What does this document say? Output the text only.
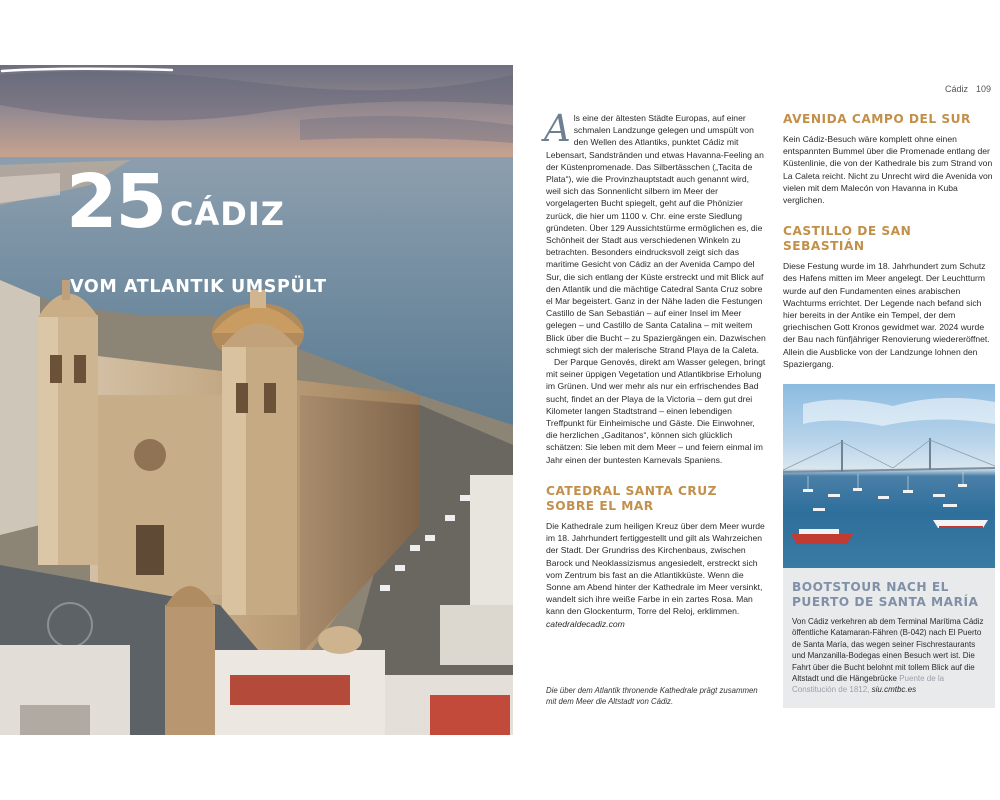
25 CÁDIZ
VOM ATLANTIK UMSPÜLT
Cádiz 109

Als eine der ältesten Städte Europas, auf einer schmalen Landzunge gelegen und umspült von den Wellen des Atlantiks, punktet Cádiz mit Lebensart, Sandstränden und etwas Havanna-Feeling an der Küstenpromenade. Das Silbertässchen („Tacita de Plata“), wie die Provinzhauptstadt auch genannt wird, weil sich das Sonnenlicht silbern im Meer der vorgelagerten Bucht spiegelt, geht auf die Phönizier zurück, die hier um 1100 v. Chr. eine erste Siedlung gründeten. Über 129 Aussichtstürme ermöglichen es, die Schönheit der Stadt aus verschiedenen Winkeln zu betrachten. Besonders eindrucksvoll zeigt sich das maritime Gesicht von Cádiz an der Avenida Campo del Sur, die sich entlang der Küste erstreckt und mit Blick auf den Atlantik und die mächtige Catedral Santa Cruz sobre el Mar begeistert. Ganz in der Nähe laden die Festungen Castillo de San Sebastián – auf einer Insel im Meer gelegen – und Castillo de Santa Catalina – mit weitem Blick über die Bucht – zu Spaziergängen ein. Dazwischen schmiegt sich der malerische Strand Playa de la Caleta.

Der Parque Genovés, direkt am Wasser gelegen, bringt mit seiner üppigen Vegetation und Atlantikbrise Erholung im Grünen. Und wer mehr als nur ein erfrischendes Bad sucht, findet an der Playa de la Victoria – dem gut drei Kilometer langen Stadtstrand – einen lebendigen Treffpunkt für Einheimische und Gäste. Die Einwohner, die herzlichen „Gaditanos“, können sich glücklich schätzen: Sie leben mit dem Meer – und feiern einmal im Jahr einen der buntesten Karnevals Spaniens.

CATEDRAL SANTA CRUZ SOBRE EL MAR

Die Kathedrale zum heiligen Kreuz über dem Meer wurde im 18. Jahrhundert fertiggestellt und gilt als Wahrzeichen der Stadt. Der Grundriss des Kirchenbaus, zwischen Barock und Neoklassizismus angesiedelt, erstreckt sich vom Zentrum bis fast an die Atlantikküste. Wenn die Sonne am Abend hinter der Kathedrale im Meer versinkt, wandelt sich ihre weiße Farbe in ein zartes Rosa. Man kann den Glockenturm, Torre del Reloj, erklimmen. catedraldecadiz.com

Die über dem Atlantik thronende Kathedrale prägt zusammen mit dem Meer die Altstadt von Cádiz.
AVENIDA CAMPO DEL SUR

Kein Cádiz-Besuch wäre komplett ohne einen entspannten Bummel über die Promenade entlang der Küstenlinie, die von der Kathedrale bis zum Strand von La Caleta reicht. Nicht zu Unrecht wird die Avenida von vielen mit dem Malecón von Havanna in Kuba verglichen.

CASTILLO DE SAN SEBASTIÁN

Diese Festung wurde im 18. Jahrhundert zum Schutz des Hafens mitten im Meer angelegt. Der Leuchtturm wurde auf den Fundamenten eines arabischen Wachturms errichtet. Der Legende nach befand sich hier bereits in der Antike ein Tempel, der dem griechischen Gott Kronos gewidmet war. 2024 wurde der Bau nach fünfjähriger Renovierung wiedereröffnet. Allein die Ausblicke von der Landzunge lohnen den Spaziergang.

BOOTSTOUR NACH EL PUERTO DE SANTA MARÍA

Von Cádiz verkehren ab dem Terminal Marítima Cádiz öffentliche Katamaran-Fähren (B-042) nach El Puerto de Santa María, das wegen seiner Fischrestaurants und Manzanilla-Bodegas einen Besuch wert ist. Die Fahrt über die Bucht belohnt mit tollem Blick auf die Altstadt und die Hängebrücke Puente de la Constitución de 1812, siu.cmtbc.es
